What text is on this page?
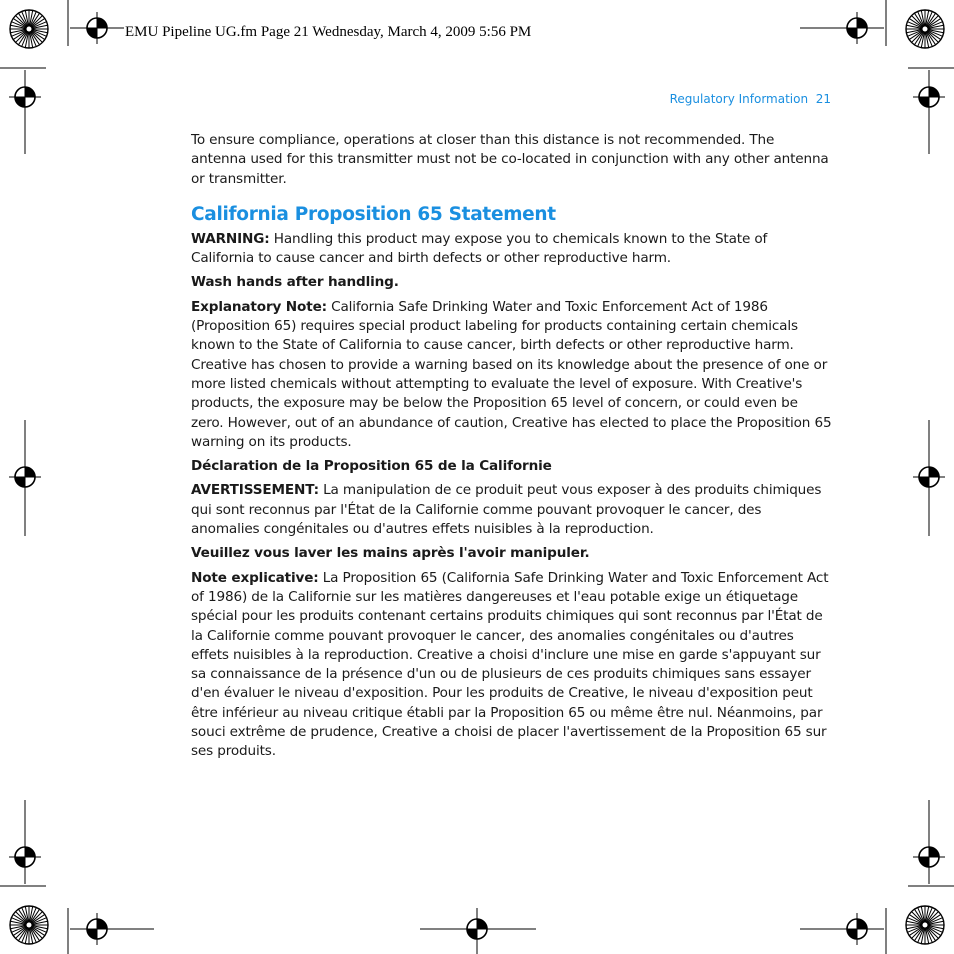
EMU Pipeline UG.fm Page 21 Wednesday, March 4, 2009 5:56 PM
Regulatory Information 21

To ensure compliance, operations at closer than this distance is not recommended. The antenna used for this transmitter must not be co-located in conjunction with any other antenna or transmitter.

California Proposition 65 Statement

WARNING: Handling this product may expose you to chemicals known to the State of California to cause cancer and birth defects or other reproductive harm.

Wash hands after handling.

Explanatory Note: California Safe Drinking Water and Toxic Enforcement Act of 1986 (Proposition 65) requires special product labeling for products containing certain chemicals known to the State of California to cause cancer, birth defects or other reproductive harm. Creative has chosen to provide a warning based on its knowledge about the presence of one or more listed chemicals without attempting to evaluate the level of exposure. With Creative's products, the exposure may be below the Proposition 65 level of concern, or could even be zero. However, out of an abundance of caution, Creative has elected to place the Proposition 65 warning on its products.

Déclaration de la Proposition 65 de la Californie

AVERTISSEMENT: La manipulation de ce produit peut vous exposer à des produits chimiques qui sont reconnus par l'État de la Californie comme pouvant provoquer le cancer, des anomalies congénitales ou d'autres effets nuisibles à la reproduction.

Veuillez vous laver les mains après l'avoir manipuler.

Note explicative: La Proposition 65 (California Safe Drinking Water and Toxic Enforcement Act of 1986) de la Californie sur les matières dangereuses et l'eau potable exige un étiquetage spécial pour les produits contenant certains produits chimiques qui sont reconnus par l'État de la Californie comme pouvant provoquer le cancer, des anomalies congénitales ou d'autres effets nuisibles à la reproduction. Creative a choisi d'inclure une mise en garde s'appuyant sur sa connaissance de la présence d'un ou de plusieurs de ces produits chimiques sans essayer d'en évaluer le niveau d'exposition. Pour les produits de Creative, le niveau d'exposition peut être inférieur au niveau critique établi par la Proposition 65 ou même être nul. Néanmoins, par souci extrême de prudence, Creative a choisi de placer l'avertissement de la Proposition 65 sur ses produits.
